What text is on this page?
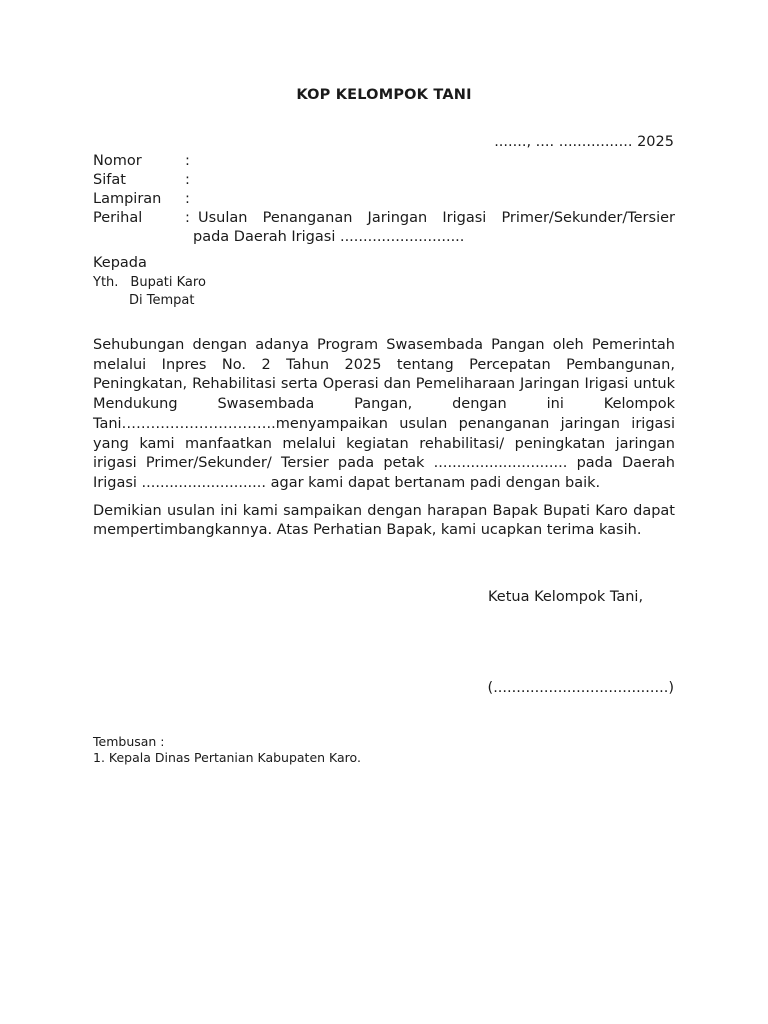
KOP KELOMPOK TANI
......., .... ................ 2025
Nomor	:
Sifat	:
Lampiran	:
Perihal	: Usulan Penanganan Jaringan Irigasi Primer/Sekunder/Tersier
pada Daerah Irigasi ...........................
Kepada
Yth. Bupati Karo
Di Tempat

Sehubungan dengan adanya Program Swasembada Pangan oleh Pemerintah melalui Inpres No. 2 Tahun 2025 tentang Percepatan Pembangunan, Peningkatan, Rehabilitasi serta Operasi dan Pemeliharaan Jaringan Irigasi untuk Mendukung Swasembada Pangan, dengan ini Kelompok Tani…………………………..menyampaikan usulan penanganan jaringan irigasi yang kami manfaatkan melalui kegiatan rehabilitasi/ peningkatan jaringan irigasi Primer/Sekunder/ Tersier pada petak ............................. pada Daerah Irigasi ........................... agar kami dapat bertanam padi dengan baik.

Demikian usulan ini kami sampaikan dengan harapan Bapak Bupati Karo dapat mempertimbangkannya. Atas Perhatian Bapak, kami ucapkan terima kasih.

Ketua Kelompok Tani,
(......................................)
Tembusan :
1. Kepala Dinas Pertanian Kabupaten Karo.
